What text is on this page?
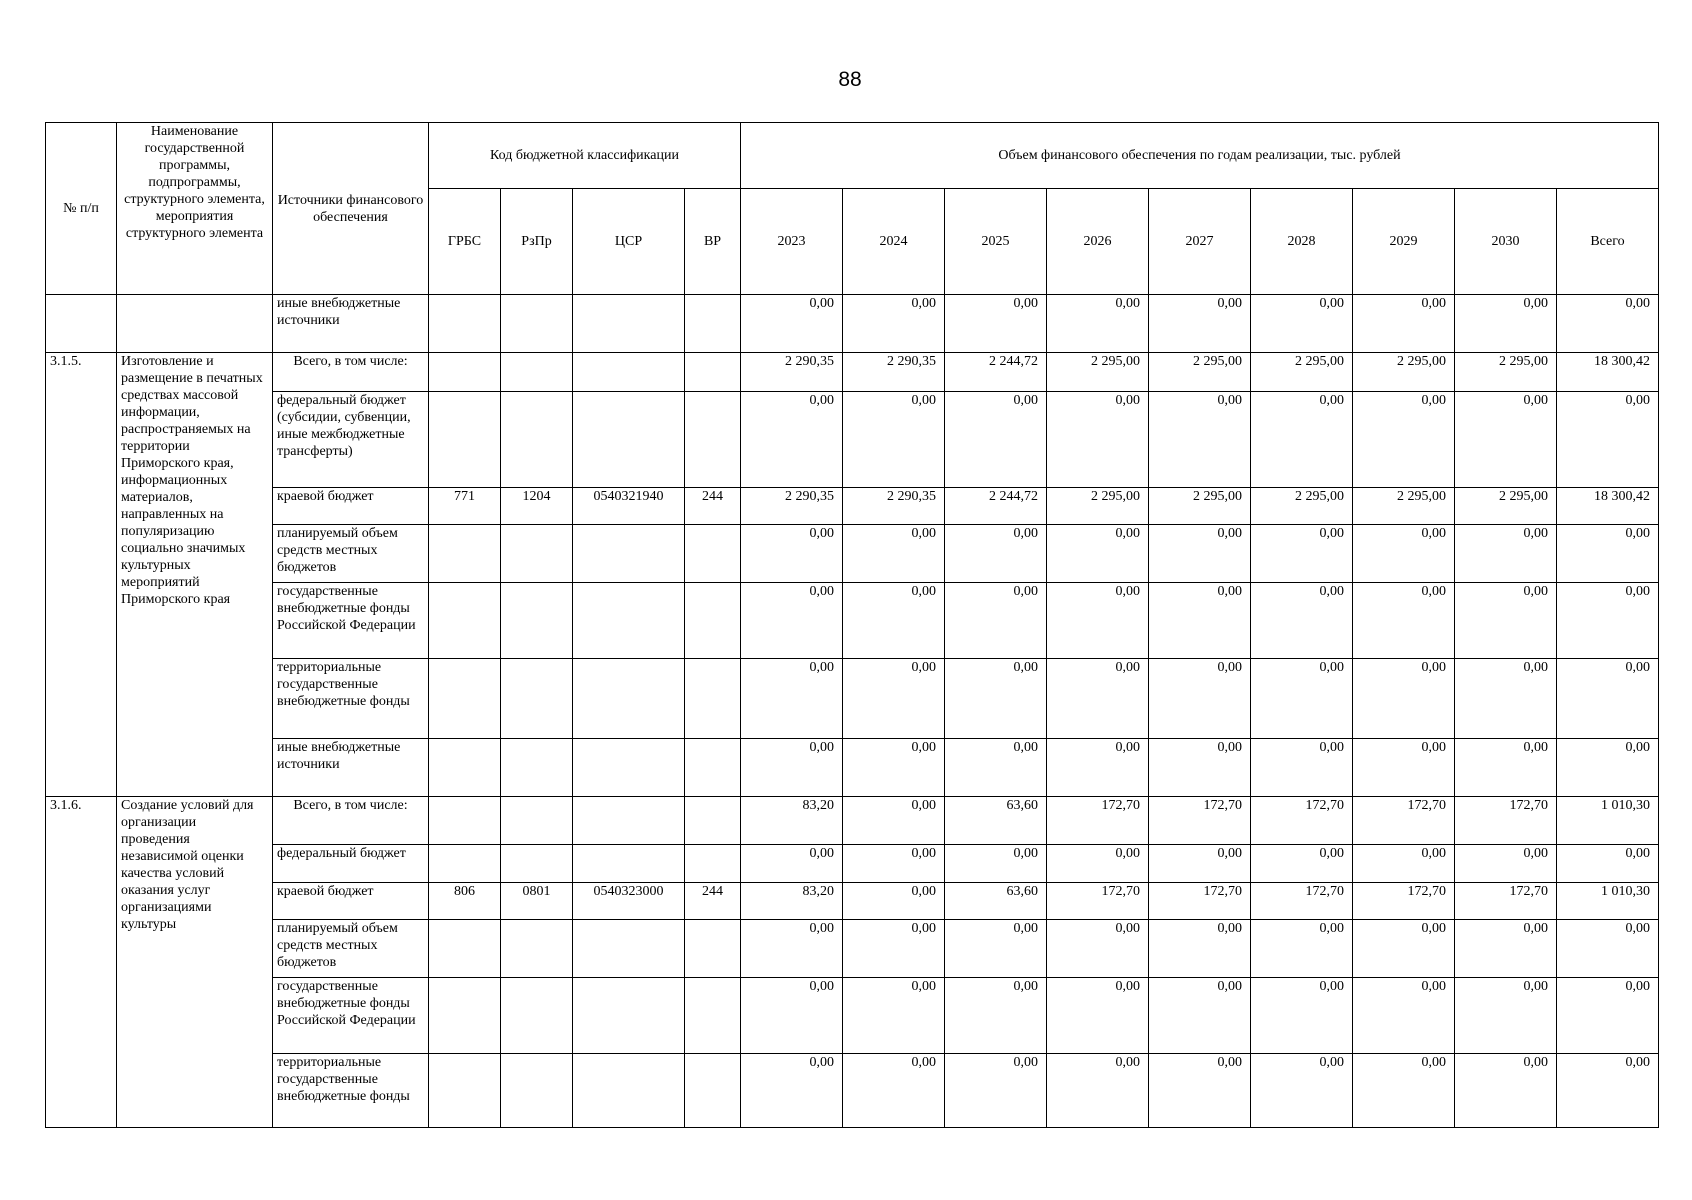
88
№ п/п	Наименование государственной программы, подпрограммы, структурного элемента, мероприятия структурного элемента	Источники финансового обеспечения	Код бюджетной классификации				Объем финансового обеспечения по годам реализации, тыс. рублей								
			ГРБС	РзПр	ЦСР	ВР	2023	2024	2025	2026	2027	2028	2029	2030	Всего
		иные внебюджетные источники					0,00	0,00	0,00	0,00	0,00	0,00	0,00	0,00	0,00
3.1.5.	Изготовление и размещение в печатных средствах массовой информации, распространяемых на территории Приморского края, информационных материалов, направленных на популяризацию социально значимых культурных мероприятий Приморского края	Всего, в том числе:					2 290,35	2 290,35	2 244,72	2 295,00	2 295,00	2 295,00	2 295,00	2 295,00	18 300,42
		федеральный бюджет (субсидии, субвенции, иные межбюджетные трансферты)					0,00	0,00	0,00	0,00	0,00	0,00	0,00	0,00	0,00
		краевой бюджет	771	1204	0540321940	244	2 290,35	2 290,35	2 244,72	2 295,00	2 295,00	2 295,00	2 295,00	2 295,00	18 300,42
		планируемый объем средств местных бюджетов					0,00	0,00	0,00	0,00	0,00	0,00	0,00	0,00	0,00
		государственные внебюджетные фонды Российской Федерации					0,00	0,00	0,00	0,00	0,00	0,00	0,00	0,00	0,00
		территориальные государственные внебюджетные фонды					0,00	0,00	0,00	0,00	0,00	0,00	0,00	0,00	0,00
		иные внебюджетные источники					0,00	0,00	0,00	0,00	0,00	0,00	0,00	0,00	0,00
3.1.6.	Создание условий для организации проведения независимой оценки качества условий оказания услуг организациями культуры	Всего, в том числе:					83,20	0,00	63,60	172,70	172,70	172,70	172,70	172,70	1 010,30
		федеральный бюджет					0,00	0,00	0,00	0,00	0,00	0,00	0,00	0,00	0,00
		краевой бюджет	806	0801	0540323000	244	83,20	0,00	63,60	172,70	172,70	172,70	172,70	172,70	1 010,30
		планируемый объем средств местных бюджетов					0,00	0,00	0,00	0,00	0,00	0,00	0,00	0,00	0,00
		государственные внебюджетные фонды Российской Федерации					0,00	0,00	0,00	0,00	0,00	0,00	0,00	0,00	0,00
		территориальные государственные внебюджетные фонды					0,00	0,00	0,00	0,00	0,00	0,00	0,00	0,00	0,00
